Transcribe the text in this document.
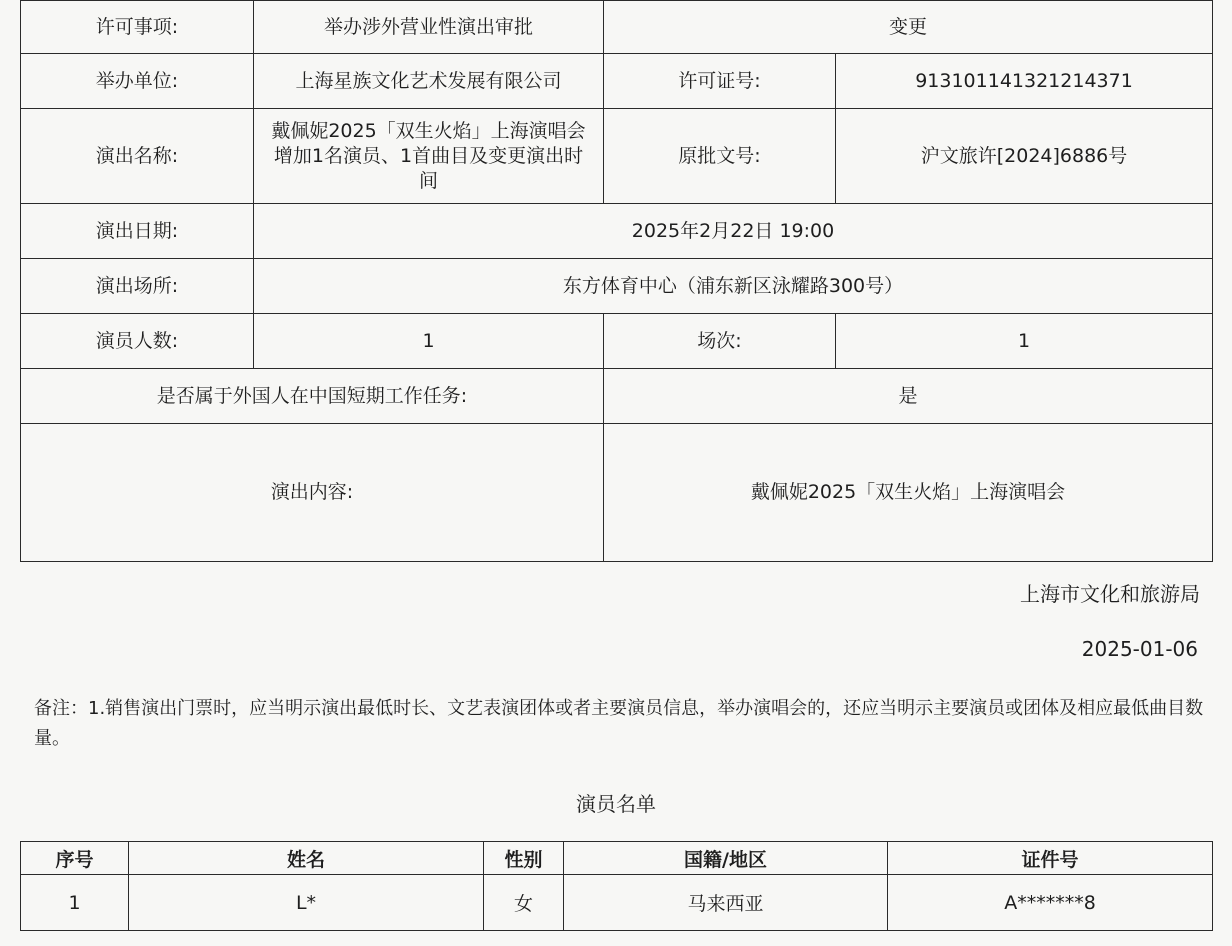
许可事项:	举办涉外营业性演出审批	变更	
举办单位:	上海星族文化艺术发展有限公司	许可证号:	913101141321214371
演出名称:	戴佩妮2025「双生火焰」上海演唱会增加1名演员、1首曲目及变更演出时间	原批文号:	沪文旅许[2024]6886号
演出日期:	2025年2月22日 19:00		
演出场所:	东方体育中心（浦东新区泳耀路300号）		
演员人数:	1	场次:	1
是否属于外国人在中国短期工作任务:		是	
演出内容:		戴佩妮2025「双生火焰」上海演唱会	
上海市文化和旅游局
2025-01-06
备注：1.销售演出门票时，应当明示演出最低时长、文艺表演团体或者主要演员信息，举办演唱会的，还应当明示主要演员或团体及相应最低曲目数量。
演员名单
序号	姓名	性别	国籍/地区	证件号
1	L*	女	马来西亚	A*******8
